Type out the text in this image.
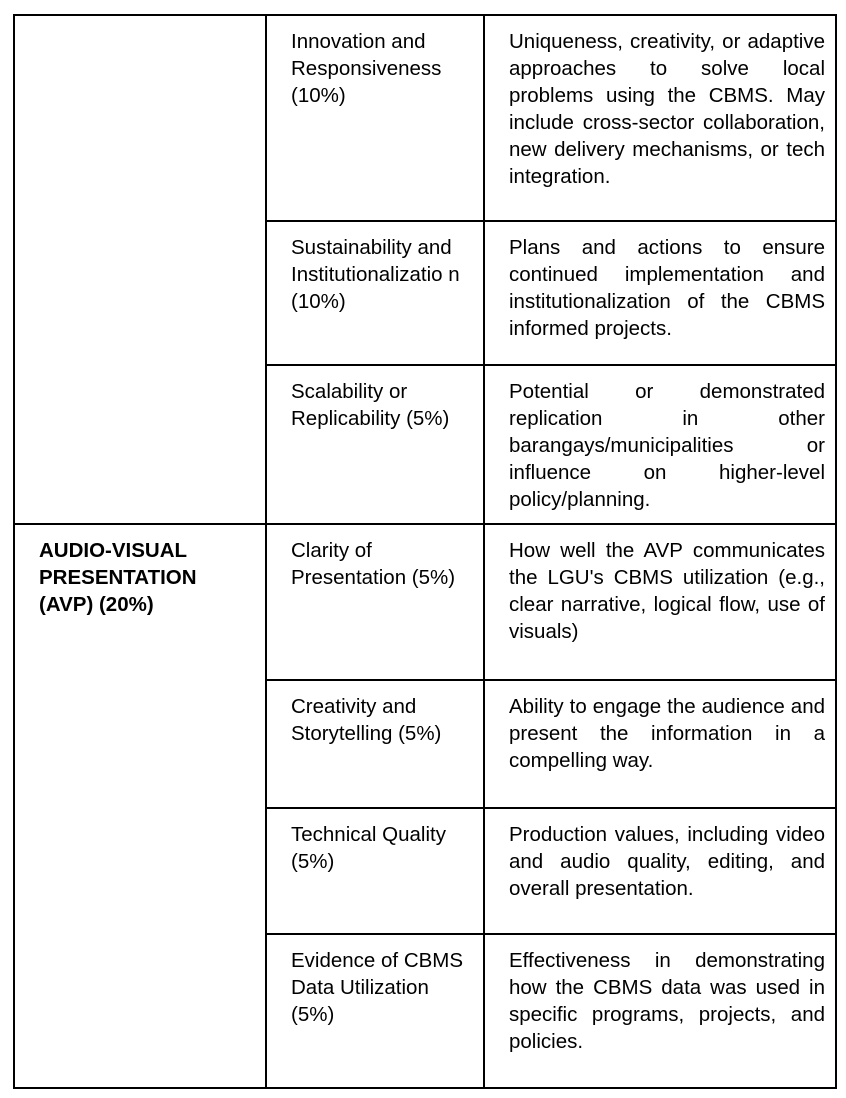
	Innovation and Responsiveness (10%)	Uniqueness, creativity, or adaptive approaches to solve local problems using the CBMS. May include cross-sector collaboration, new delivery mechanisms, or tech integration.
	Sustainability and Institutionalizatio n (10%)	Plans and actions to ensure continued implementation and institutionalization of the CBMS informed projects.
	Scalability or Replicability (5%)	Potential or demonstrated replication in other barangays/municipalities or influence on higher-level policy/planning.

AUDIO-VISUAL PRESENTATION (AVP) (20%)	Clarity of Presentation (5%)	How well the AVP communicates the LGU's CBMS utilization (e.g., clear narrative, logical flow, use of visuals)
	Creativity and Storytelling (5%)	Ability to engage the audience and present the information in a compelling way.
	Technical Quality (5%)	Production values, including video and audio quality, editing, and overall presentation.
	Evidence of CBMS Data Utilization (5%)	Effectiveness in demonstrating how the CBMS data was used in specific programs, projects, and policies.
